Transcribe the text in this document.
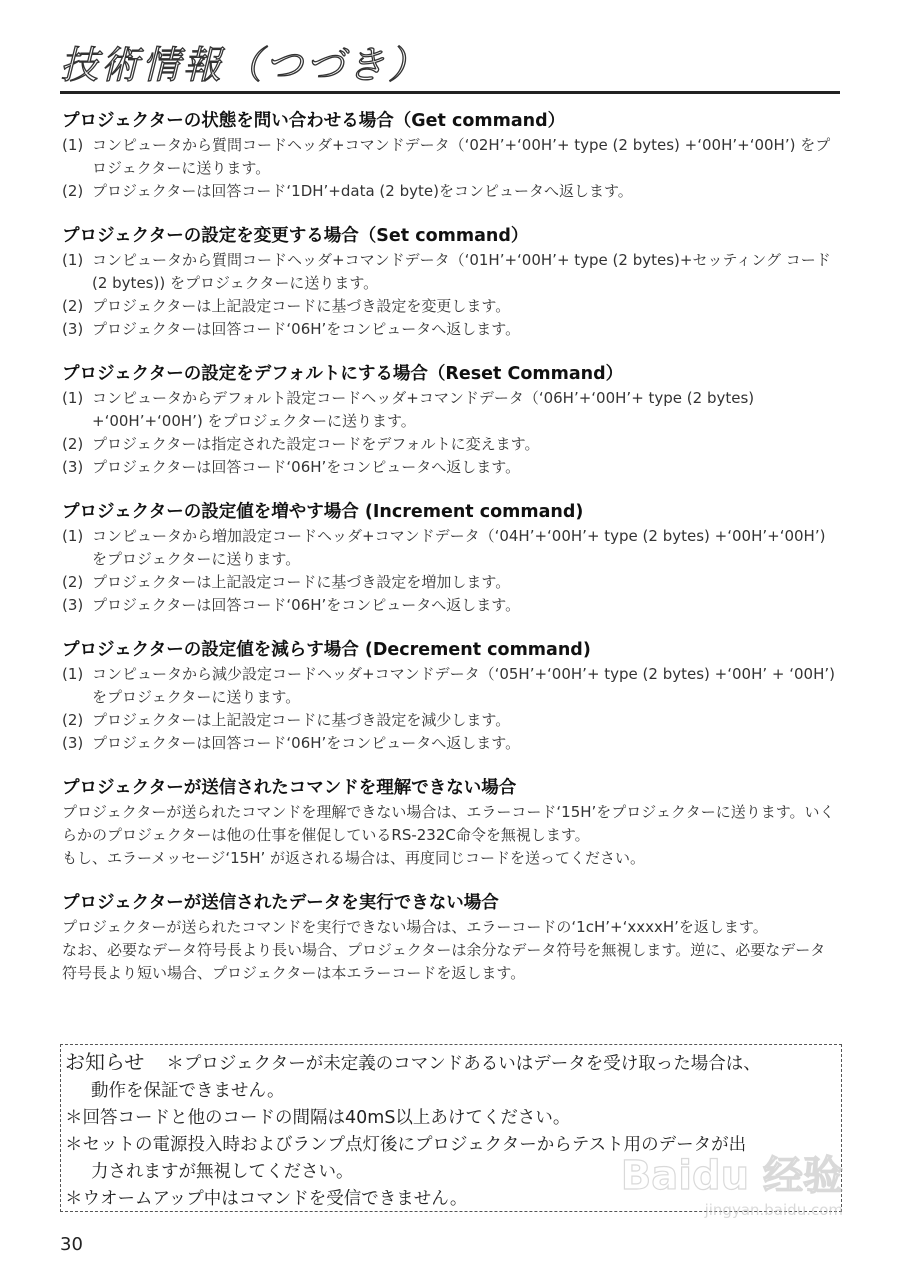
技術情報（つづき）
プロジェクターの状態を問い合わせる場合（Get command）
(1) コンピュータから質問コードヘッダ+コマンドデータ（‘02H’+‘00H’+ type (2 bytes) +‘00H’+‘00H’) をプロジェクターに送ります。
(2) プロジェクターは回答コード‘1DH’+data (2 byte)をコンピュータへ返します。
プロジェクターの設定を変更する場合（Set command）
(1) コンピュータから質問コードヘッダ+コマンドデータ（‘01H’+‘00H’+ type (2 bytes)+セッティング コード(2 bytes)) をプロジェクターに送ります。
(2) プロジェクターは上記設定コードに基づき設定を変更します。
(3) プロジェクターは回答コード‘06H’をコンピュータへ返します。
プロジェクターの設定をデフォルトにする場合（Reset Command）
(1) コンピュータからデフォルト設定コードヘッダ+コマンドデータ（‘06H’+‘00H’+ type (2 bytes) +‘00H’+‘00H’) をプロジェクターに送ります。
(2) プロジェクターは指定された設定コードをデフォルトに変えます。
(3) プロジェクターは回答コード‘06H’をコンピュータへ返します。
プロジェクターの設定値を増やす場合 (Increment command)
(1) コンピュータから増加設定コードヘッダ+コマンドデータ（‘04H’+‘00H’+ type (2 bytes) +‘00H’+‘00H’) をプロジェクターに送ります。
(2) プロジェクターは上記設定コードに基づき設定を増加します。
(3) プロジェクターは回答コード‘06H’をコンピュータへ返します。
プロジェクターの設定値を減らす場合 (Decrement command)
(1) コンピュータから減少設定コードヘッダ+コマンドデータ（‘05H’+‘00H’+ type (2 bytes) +‘00H’ + ‘00H’) をプロジェクターに送ります。
(2) プロジェクターは上記設定コードに基づき設定を減少します。
(3) プロジェクターは回答コード‘06H’をコンピュータへ返します。
プロジェクターが送信されたコマンドを理解できない場合
プロジェクターが送られたコマンドを理解できない場合は、エラーコード‘15H’をプロジェクターに送ります。いくらかのプロジェクターは他の仕事を催促しているRS-232C命令を無視します。
もし、エラーメッセージ‘15H’ が返される場合は、再度同じコードを送ってください。
プロジェクターが送信されたデータを実行できない場合
プロジェクターが送られたコマンドを実行できない場合は、エラーコードの‘1cH’+‘xxxxH’を返します。
なお、必要なデータ符号長より長い場合、プロジェクターは余分なデータ符号を無視します。逆に、必要なデータ符号長より短い場合、プロジェクターは本エラーコードを返します。
お知らせ ＊プロジェクターが未定義のコマンドあるいはデータを受け取った場合は、
動作を保証できません。
＊回答コードと他のコードの間隔は40mS以上あけてください。
＊セットの電源投入時およびランプ点灯後にプロジェクターからテスト用のデータが出
力されますが無視してください。
＊ウオームアップ中はコマンドを受信できません。
30
Baidu 经验
jingyan.baidu.com
